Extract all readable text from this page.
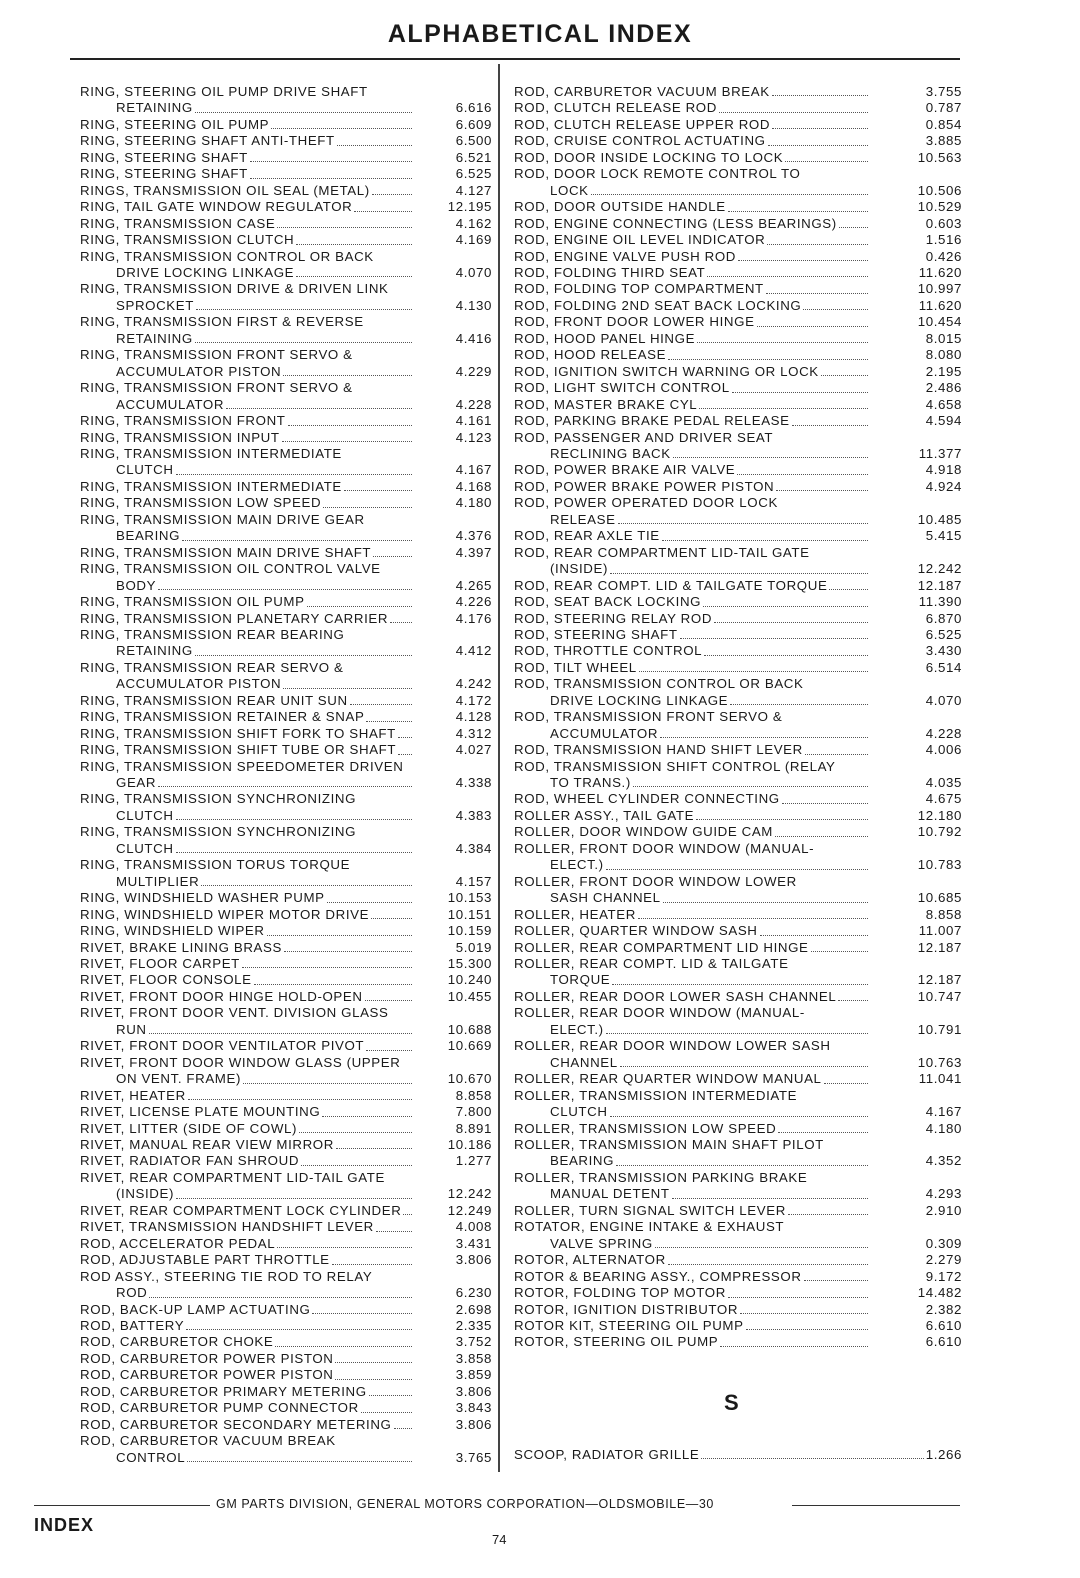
ALPHABETICAL INDEX
RING, STEERING OIL PUMP DRIVE SHAFT
RETAINING	6.616
RING, STEERING OIL PUMP	6.609
RING, STEERING SHAFT ANTI-THEFT	6.500
RING, STEERING SHAFT	6.521
RING, STEERING SHAFT	6.525
RINGS, TRANSMISSION OIL SEAL (METAL)	4.127
RING, TAIL GATE WINDOW REGULATOR	12.195
RING, TRANSMISSION CASE	4.162
RING, TRANSMISSION CLUTCH	4.169
RING, TRANSMISSION CONTROL OR BACK
DRIVE LOCKING LINKAGE	4.070
RING, TRANSMISSION DRIVE & DRIVEN LINK
SPROCKET	4.130
RING, TRANSMISSION FIRST & REVERSE
RETAINING	4.416
RING, TRANSMISSION FRONT SERVO &
ACCUMULATOR PISTON	4.229
RING, TRANSMISSION FRONT SERVO &
ACCUMULATOR	4.228
RING, TRANSMISSION FRONT	4.161
RING, TRANSMISSION INPUT	4.123
RING, TRANSMISSION INTERMEDIATE
CLUTCH	4.167
RING, TRANSMISSION INTERMEDIATE	4.168
RING, TRANSMISSION LOW SPEED	4.180
RING, TRANSMISSION MAIN DRIVE GEAR
BEARING	4.376
RING, TRANSMISSION MAIN DRIVE SHAFT	4.397
RING, TRANSMISSION OIL CONTROL VALVE
BODY	4.265
RING, TRANSMISSION OIL PUMP	4.226
RING, TRANSMISSION PLANETARY CARRIER	4.176
RING, TRANSMISSION REAR BEARING
RETAINING	4.412
RING, TRANSMISSION REAR SERVO &
ACCUMULATOR PISTON	4.242
RING, TRANSMISSION REAR UNIT SUN	4.172
RING, TRANSMISSION RETAINER & SNAP	4.128
RING, TRANSMISSION SHIFT FORK TO SHAFT	4.312
RING, TRANSMISSION SHIFT TUBE OR SHAFT	4.027
RING, TRANSMISSION SPEEDOMETER DRIVEN
GEAR	4.338
RING, TRANSMISSION SYNCHRONIZING
CLUTCH	4.383
RING, TRANSMISSION SYNCHRONIZING
CLUTCH	4.384
RING, TRANSMISSION TORUS TORQUE
MULTIPLIER	4.157
RING, WINDSHIELD WASHER PUMP	10.153
RING, WINDSHIELD WIPER MOTOR DRIVE	10.151
RING, WINDSHIELD WIPER	10.159
RIVET, BRAKE LINING BRASS	5.019
RIVET, FLOOR CARPET	15.300
RIVET, FLOOR CONSOLE	10.240
RIVET, FRONT DOOR HINGE HOLD-OPEN	10.455
RIVET, FRONT DOOR VENT. DIVISION GLASS
RUN	10.688
RIVET, FRONT DOOR VENTILATOR PIVOT	10.669
RIVET, FRONT DOOR WINDOW GLASS (UPPER
ON VENT. FRAME)	10.670
RIVET, HEATER	8.858
RIVET, LICENSE PLATE MOUNTING	7.800
RIVET, LITTER (SIDE OF COWL)	8.891
RIVET, MANUAL REAR VIEW MIRROR	10.186
RIVET, RADIATOR FAN SHROUD	1.277
RIVET, REAR COMPARTMENT LID-TAIL GATE
(INSIDE)	12.242
RIVET, REAR COMPARTMENT LOCK CYLINDER	12.249
RIVET, TRANSMISSION HANDSHIFT LEVER	4.008
ROD, ACCELERATOR PEDAL	3.431
ROD, ADJUSTABLE PART THROTTLE	3.806
ROD ASSY., STEERING TIE ROD TO RELAY
ROD	6.230
ROD, BACK-UP LAMP ACTUATING	2.698
ROD, BATTERY	2.335
ROD, CARBURETOR CHOKE	3.752
ROD, CARBURETOR POWER PISTON	3.858
ROD, CARBURETOR POWER PISTON	3.859
ROD, CARBURETOR PRIMARY METERING	3.806
ROD, CARBURETOR PUMP CONNECTOR	3.843
ROD, CARBURETOR SECONDARY METERING	3.806
ROD, CARBURETOR VACUUM BREAK
CONTROL	3.765
ROD, CARBURETOR VACUUM BREAK	3.755
ROD, CLUTCH RELEASE ROD	0.787
ROD, CLUTCH RELEASE UPPER ROD	0.854
ROD, CRUISE CONTROL ACTUATING	3.885
ROD, DOOR INSIDE LOCKING TO LOCK	10.563
ROD, DOOR LOCK REMOTE CONTROL TO
LOCK	10.506
ROD, DOOR OUTSIDE HANDLE	10.529
ROD, ENGINE CONNECTING (LESS BEARINGS)	0.603
ROD, ENGINE OIL LEVEL INDICATOR	1.516
ROD, ENGINE VALVE PUSH ROD	0.426
ROD, FOLDING THIRD SEAT	11.620
ROD, FOLDING TOP COMPARTMENT	10.997
ROD, FOLDING 2ND SEAT BACK LOCKING	11.620
ROD, FRONT DOOR LOWER HINGE	10.454
ROD, HOOD PANEL HINGE	8.015
ROD, HOOD RELEASE	8.080
ROD, IGNITION SWITCH WARNING OR LOCK	2.195
ROD, LIGHT SWITCH CONTROL	2.486
ROD, MASTER BRAKE CYL	4.658
ROD, PARKING BRAKE PEDAL RELEASE	4.594
ROD, PASSENGER AND DRIVER SEAT
RECLINING BACK	11.377
ROD, POWER BRAKE AIR VALVE	4.918
ROD, POWER BRAKE POWER PISTON	4.924
ROD, POWER OPERATED DOOR LOCK
RELEASE	10.485
ROD, REAR AXLE TIE	5.415
ROD, REAR COMPARTMENT LID-TAIL GATE
(INSIDE)	12.242
ROD, REAR COMPT. LID & TAILGATE TORQUE	12.187
ROD, SEAT BACK LOCKING	11.390
ROD, STEERING RELAY ROD	6.870
ROD, STEERING SHAFT	6.525
ROD, THROTTLE CONTROL	3.430
ROD, TILT WHEEL	6.514
ROD, TRANSMISSION CONTROL OR BACK
DRIVE LOCKING LINKAGE	4.070
ROD, TRANSMISSION FRONT SERVO &
ACCUMULATOR	4.228
ROD, TRANSMISSION HAND SHIFT LEVER	4.006
ROD, TRANSMISSION SHIFT CONTROL (RELAY
TO TRANS.)	4.035
ROD, WHEEL CYLINDER CONNECTING	4.675
ROLLER ASSY., TAIL GATE	12.180
ROLLER, DOOR WINDOW GUIDE CAM	10.792
ROLLER, FRONT DOOR WINDOW (MANUAL-
ELECT.)	10.783
ROLLER, FRONT DOOR WINDOW LOWER
SASH CHANNEL	10.685
ROLLER, HEATER	8.858
ROLLER, QUARTER WINDOW SASH	11.007
ROLLER, REAR COMPARTMENT LID HINGE	12.187
ROLLER, REAR COMPT. LID & TAILGATE
TORQUE	12.187
ROLLER, REAR DOOR LOWER SASH CHANNEL	10.747
ROLLER, REAR DOOR WINDOW (MANUAL-
ELECT.)	10.791
ROLLER, REAR DOOR WINDOW LOWER SASH
CHANNEL	10.763
ROLLER, REAR QUARTER WINDOW MANUAL	11.041
ROLLER, TRANSMISSION INTERMEDIATE
CLUTCH	4.167
ROLLER, TRANSMISSION LOW SPEED	4.180
ROLLER, TRANSMISSION MAIN SHAFT PILOT
BEARING	4.352
ROLLER, TRANSMISSION PARKING BRAKE
MANUAL DETENT	4.293
ROLLER, TURN SIGNAL SWITCH LEVER	2.910
ROTATOR, ENGINE INTAKE & EXHAUST
VALVE SPRING	0.309
ROTOR, ALTERNATOR	2.279
ROTOR & BEARING ASSY., COMPRESSOR	9.172
ROTOR, FOLDING TOP MOTOR	14.482
ROTOR, IGNITION DISTRIBUTOR	2.382
ROTOR KIT, STEERING OIL PUMP	6.610
ROTOR, STEERING OIL PUMP	6.610
S
SCOOP, RADIATOR GRILLE	1.266
GM PARTS DIVISION, GENERAL MOTORS CORPORATION—OLDSMOBILE—30
INDEX
74
